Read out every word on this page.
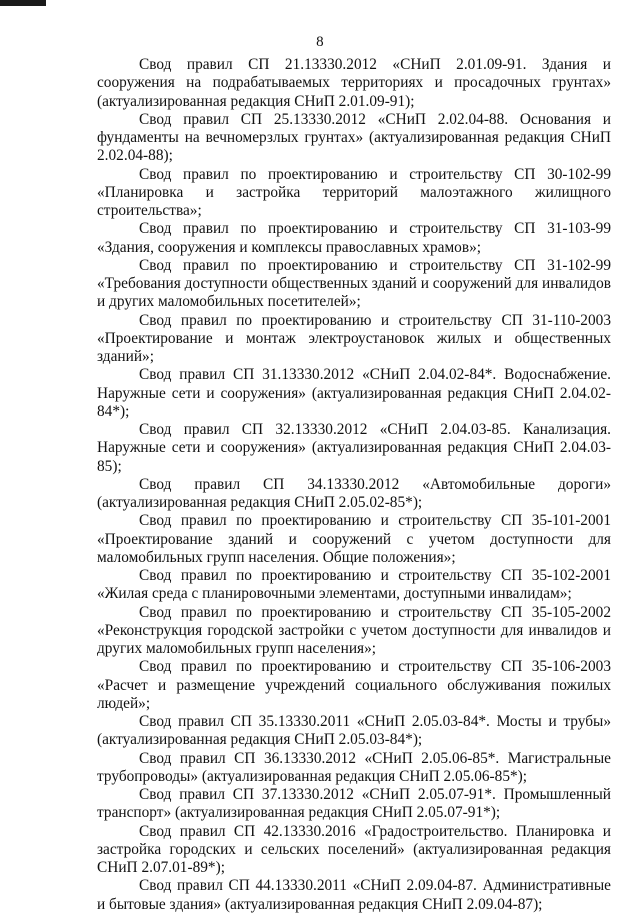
8

Свод правил СП 21.13330.2012 «СНиП 2.01.09-91. Здания и сооружения на подрабатываемых территориях и просадочных грунтах» (актуализированная редакция СНиП 2.01.09-91);

Свод правил СП 25.13330.2012 «СНиП 2.02.04-88. Основания и фундаменты на вечномерзлых грунтах» (актуализированная редакция СНиП 2.02.04-88);

Свод правил по проектированию и строительству СП 30-102-99 «Планировка и застройка территорий малоэтажного жилищного строительства»;

Свод правил по проектированию и строительству СП 31-103-99 «Здания, сооружения и комплексы православных храмов»;

Свод правил по проектированию и строительству СП 31-102-99 «Требования доступности общественных зданий и сооружений для инвалидов и других маломобильных посетителей»;

Свод правил по проектированию и строительству СП 31-110-2003 «Проектирование и монтаж электроустановок жилых и общественных зданий»;

Свод правил СП 31.13330.2012 «СНиП 2.04.02-84*. Водоснабжение. Наружные сети и сооружения» (актуализированная редакция СНиП 2.04.02-84*);

Свод правил СП 32.13330.2012 «СНиП 2.04.03-85. Канализация. Наружные сети и сооружения» (актуализированная редакция СНиП 2.04.03-85);

Свод правил СП 34.13330.2012 «Автомобильные дороги» (актуализированная редакция СНиП 2.05.02-85*);

Свод правил по проектированию и строительству СП 35-101-2001 «Проектирование зданий и сооружений с учетом доступности для маломобильных групп населения. Общие положения»;

Свод правил по проектированию и строительству СП 35-102-2001 «Жилая среда с планировочными элементами, доступными инвалидам»;

Свод правил по проектированию и строительству СП 35-105-2002 «Реконструкция городской застройки с учетом доступности для инвалидов и других маломобильных групп населения»;

Свод правил по проектированию и строительству СП 35-106-2003 «Расчет и размещение учреждений социального обслуживания пожилых людей»;

Свод правил СП 35.13330.2011 «СНиП 2.05.03-84*. Мосты и трубы» (актуализированная редакция СНиП 2.05.03-84*);

Свод правил СП 36.13330.2012 «СНиП 2.05.06-85*. Магистральные трубопроводы» (актуализированная редакция СНиП 2.05.06-85*);

Свод правил СП 37.13330.2012 «СНиП 2.05.07-91*. Промышленный транспорт» (актуализированная редакция СНиП 2.05.07-91*);

Свод правил СП 42.13330.2016 «Градостроительство. Планировка и застройка городских и сельских поселений» (актуализированная редакция СНиП 2.07.01-89*);

Свод правил СП 44.13330.2011 «СНиП 2.09.04-87. Административные и бытовые здания» (актуализированная редакция СНиП 2.09.04-87);
